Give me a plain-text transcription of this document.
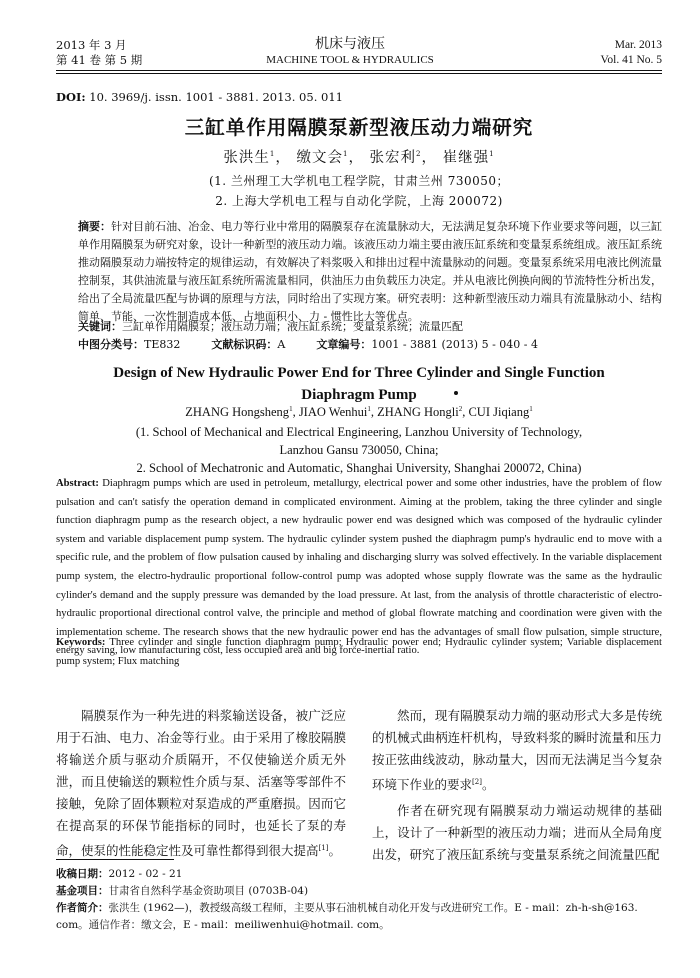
2013 年 3 月
第 41 卷 第 5 期
机床与液压
MACHINE TOOL & HYDRAULICS
Mar. 2013
Vol. 41 No. 5
DOI: 10. 3969/j. issn. 1001 - 3881. 2013. 05. 011
三缸单作用隔膜泵新型液压动力端研究
张洪生$^1$， 缴文会$^1$， 张宏利$^2$， 崔继强$^1$
(1. 兰州理工大学机电工程学院，甘肃兰州 730050；
2. 上海大学机电工程与自动化学院，上海 200072)
摘要：针对目前石油、冶金、电力等行业中常用的隔膜泵存在流量脉动大，无法满足复杂环境下作业要求等问题，以三缸单作用隔膜泵为研究对象，设计一种新型的液压动力端。该液压动力端主要由液压缸系统和变量泵系统组成。液压缸系统推动隔膜泵动力端按特定的规律运动，有效解决了料浆吸入和排出过程中流量脉动的问题。变量泵系统采用电液比例流量控制泵，其供油流量与液压缸系统所需流量相同，供油压力由负载压力决定。并从电液比例换向阀的节流特性分析出发，给出了全局流量匹配与协调的原理与方法，同时给出了实现方案。研究表明：这种新型液压动力端具有流量脉动小、结构简单、节能、一次性制造成本低、占地面积小、力 - 惯性比大等优点。
关键词：三缸单作用隔膜泵；液压动力端；液压缸系统；变量泵系统；流量匹配
中图分类号：TE832	文献标识码：A	文章编号：1001 - 3881 (2013) 5 - 040 - 4
Design of New Hydraulic Power End for Three Cylinder and Single Function
Diaphragm Pump
ZHANG Hongsheng$^1$, JIAO Wenhui$^1$, ZHANG Hongli$^2$, CUI Jiqiang$^1$
(1. School of Mechanical and Electrical Engineering, Lanzhou University of Technology,
Lanzhou Gansu 730050, China;
2. School of Mechatronic and Automatic, Shanghai University, Shanghai 200072, China)
Abstract: Diaphragm pumps which are used in petroleum, metallurgy, electrical power and some other industries, have the problem of flow pulsation and can't satisfy the operation demand in complicated environment. Aiming at the problem, taking the three cylinder and single function diaphragm pump as the research object, a new hydraulic power end was designed which was composed of the hydraulic cylinder system and variable displacement pump system. The hydraulic cylinder system pushed the diaphragm pump's hydraulic end to move with a specific rule, and the problem of flow pulsation caused by inhaling and discharging slurry was solved effectively. In the variable displacement pump system, the electro-hydraulic proportional follow-control pump was adopted whose supply flowrate was the same as the hydraulic cylinder's demand and the supply pressure was demanded by the load pressure. At last, from the analysis of throttle characteristic of electro-hydraulic proportional directional control valve, the principle and method of global flowrate matching and coordination were given with the implementation scheme. The research shows that the new hydraulic power end has the advantages of small flow pulsation, simple structure, energy saving, low manufacturing cost, less occupied area and big force-inertial ratio.
Keywords: Three cylinder and single function diaphragm pump; Hydraulic power end; Hydraulic cylinder system; Variable displacement pump system; Flux matching
隔膜泵作为一种先进的料浆输送设备，被广泛应用于石油、电力、冶金等行业。由于采用了橡胶隔膜将输送介质与驱动介质隔开，不仅使输送介质无外泄，而且使输送的颗粒性介质与泵、活塞等零部件不接触，免除了固体颗粒对泵造成的严重磨损。因而它在提高泵的环保节能指标的同时，也延长了泵的寿命，使泵的性能稳定性及可靠性都得到很大提高[1]。
然而，现有隔膜泵动力端的驱动形式大多是传统的机械式曲柄连杆机构，导致料浆的瞬时流量和压力按正弦曲线波动，脉动量大，因而无法满足当今复杂环境下作业的要求[2]。
作者在研究现有隔膜泵动力端运动规律的基础上，设计了一种新型的液压动力端；进而从全局角度出发，研究了液压缸系统与变量泵系统之间流量匹配
收稿日期：2012 - 02 - 21
基金项目：甘肃省自然科学基金资助项目 (0703B-04)
作者简介：张洪生 (1962—)，教授级高级工程师，主要从事石油机械自动化开发与改进研究工作。E - mail：zh-h-sh@163. com。通信作者：缴文会，E - mail：meiliwenhui@hotmail. com。
